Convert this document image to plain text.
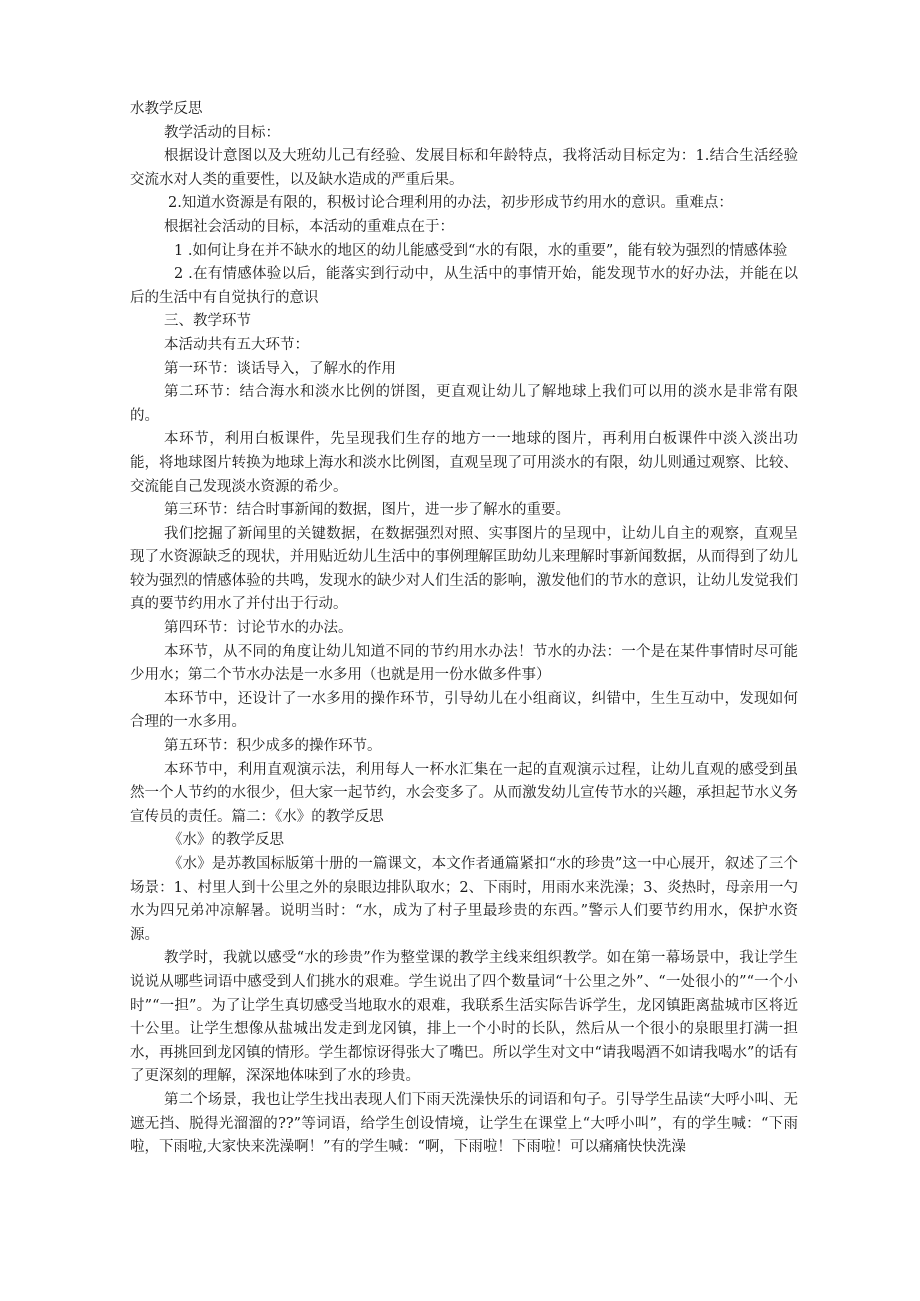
水教学反思

教学活动的目标：

根据设计意图以及大班幼儿己有经验、发展目标和年龄特点，我将活动目标定为：1.结合生活经验交流水对人类的重要性，以及缺水造成的严重后果。

2.知道水资源是有限的，积极讨论合理利用的办法，初步形成节约用水的意识。重难点：

根据社会活动的目标，本活动的重难点在于：

1 .如何让身在并不缺水的地区的幼儿能感受到“水的有限，水的重要”，能有较为强烈的情感体验

2 .在有情感体验以后，能落实到行动中，从生活中的事情开始，能发现节水的好办法，并能在以后的生活中有自觉执行的意识

三、教学环节

本活动共有五大环节：

第一环节：谈话导入，了解水的作用

第二环节：结合海水和淡水比例的饼图，更直观让幼儿了解地球上我们可以用的淡水是非常有限的。

本环节，利用白板课件，先呈现我们生存的地方一一地球的图片，再利用白板课件中淡入淡出功能，将地球图片转换为地球上海水和淡水比例图，直观呈现了可用淡水的有限，幼儿则通过观察、比较、交流能自己发现淡水资源的希少。

第三环节：结合时事新闻的数据，图片，进一步了解水的重要。

我们挖掘了新闻里的关键数据，在数据强烈对照、实事图片的呈现中，让幼儿自主的观察，直观呈现了水资源缺乏的现状，并用贴近幼儿生活中的事例理解匡助幼儿来理解时事新闻数据，从而得到了幼儿较为强烈的情感体验的共鸣，发现水的缺少对人们生活的影响，激发他们的节水的意识，让幼儿发觉我们真的要节约用水了并付出于行动。

第四环节：讨论节水的办法。

本环节，从不同的角度让幼儿知道不同的节约用水办法！节水的办法：一个是在某件事情时尽可能少用水；第二个节水办法是一水多用（也就是用一份水做多件事）

本环节中，还设计了一水多用的操作环节，引导幼儿在小组商议，纠错中，生生互动中，发现如何合理的一水多用。

第五环节：积少成多的操作环节。

本环节中，利用直观演示法，利用每人一杯水汇集在一起的直观演示过程，让幼儿直观的感受到虽然一个人节约的水很少，但大家一起节约，水会变多了。从而激发幼儿宣传节水的兴趣，承担起节水义务宣传员的责任。篇二：《水》的教学反思

《水》的教学反思

《水》是苏教国标版第十册的一篇课文，本文作者通篇紧扣“水的珍贵”这一中心展开，叙述了三个场景：1、村里人到十公里之外的泉眼边排队取水；2、下雨时，用雨水来洗澡；3、炎热时，母亲用一勺水为四兄弟冲凉解暑。说明当时：“水，成为了村子里最珍贵的东西。”警示人们要节约用水，保护水资源。

教学时，我就以感受“水的珍贵”作为整堂课的教学主线来组织教学。如在第一幕场景中，我让学生说说从哪些词语中感受到人们挑水的艰难。学生说出了四个数量词“十公里之外”、“一处很小的”“一个小时”“一担”。为了让学生真切感受当地取水的艰难，我联系生活实际告诉学生，龙冈镇距离盐城市区将近十公里。让学生想像从盐城出发走到龙冈镇，排上一个小时的长队，然后从一个很小的泉眼里打满一担水，再挑回到龙冈镇的情形。学生都惊讶得张大了嘴巴。所以学生对文中“请我喝酒不如请我喝水”的话有了更深刻的理解，深深地体味到了水的珍贵。

第二个场景，我也让学生找出表现人们下雨天洗澡快乐的词语和句子。引导学生品读“大呼小叫、无遮无挡、脱得光溜溜的??”等词语，给学生创设情境，让学生在课堂上“大呼小叫”，有的学生喊：“下雨啦，下雨啦,大家快来洗澡啊！”有的学生喊：“啊，下雨啦！下雨啦！可以痛痛快快洗澡
